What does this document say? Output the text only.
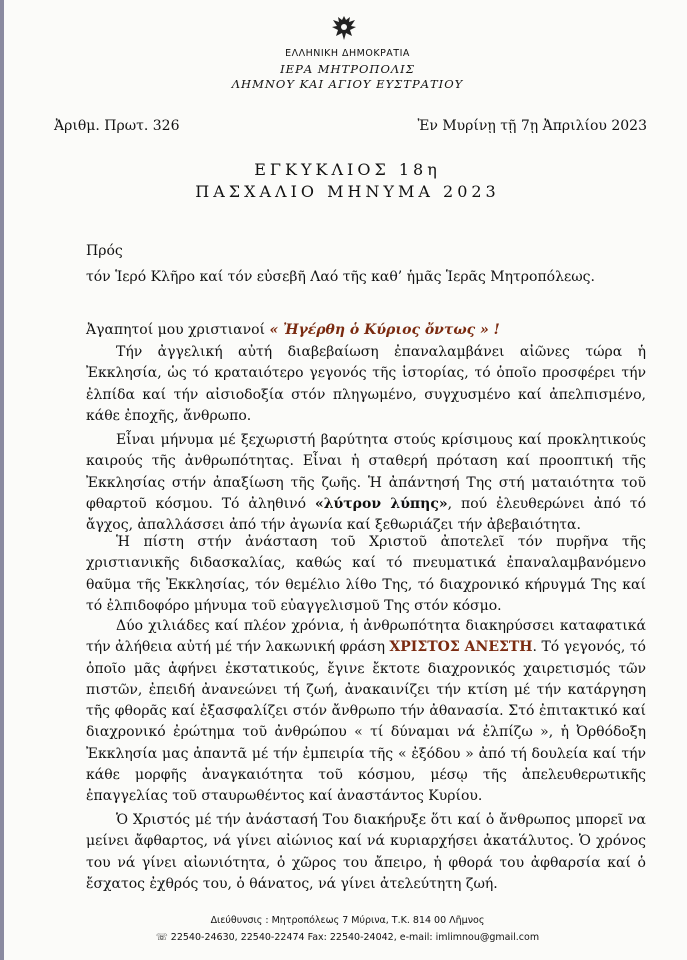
ΕΛΛΗΝΙΚΗ ΔΗΜΟΚΡΑΤΙΑ
ΙΕΡΑ ΜΗΤΡΟΠΟΛΙΣ
ΛΗΜΝΟΥ ΚΑΙ ΑΓΙΟΥ ΕΥΣΤΡΑΤΙΟΥ
Ἀριθμ. Πρωτ. 326	Ἐν Μυρίνῃ τῇ 7ῃ Ἀπριλίου 2023
ΕΓΚΥΚΛΙΟΣ 18η
ΠΑΣΧΑΛΙΟ ΜΗΝΥΜΑ 2023
Πρός
τόν Ἱερό Κλῆρο καί τόν εὐσεβῆ Λαό τῆς καθ’ ἡμᾶς Ἱερᾶς Μητροπόλεως.
Ἀγαπητοί μου χριστιανοί « Ἠγέρθη ὁ Κύριος ὄντως » !

Τήν ἀγγελική αὐτή διαβεβαίωση ἐπαναλαμβάνει αἰῶνες τώρα ἡ Ἐκκλησία, ὡς τό κραταιότερο γεγονός τῆς ἱστορίας, τό ὁποῖο προσφέρει τήν ἐλπίδα καί τήν αἰσιοδοξία στόν πληγωμένο, συγχυσμένο καί ἀπελπισμένο, κάθε ἐποχῆς, ἄνθρωπο.

Εἶναι μήνυμα μέ ξεχωριστή βαρύτητα στούς κρίσιμους καί προκλητικούς καιρούς τῆς ἀνθρωπότητας. Εἶναι ἡ σταθερή πρόταση καί προοπτική τῆς Ἐκκλησίας στήν ἀπαξίωση τῆς ζωῆς. Ἡ ἀπάντησή Της στή ματαιότητα τοῦ φθαρτοῦ κόσμου. Τό ἀληθινό «λύτρον λύπης», πού ἐλευθερώνει ἀπό τό ἄγχος, ἀπαλλάσσει ἀπό τήν ἀγωνία καί ξεθωριάζει τήν ἀβεβαιότητα.

Ἡ πίστη στήν ἀνάσταση τοῦ Χριστοῦ ἀποτελεῖ τόν πυρῆνα τῆς χριστιανικῆς διδασκαλίας, καθώς καί τό πνευματικά ἐπαναλαμβανόμενο θαῦμα τῆς Ἐκκλησίας, τόν θεμέλιο λίθο Της, τό διαχρονικό κήρυγμά Της καί τό ἐλπιδοφόρο μήνυμα τοῦ εὐαγγελισμοῦ Της στόν κόσμο.

Δύο χιλιάδες καί πλέον χρόνια, ἡ ἀνθρωπότητα διακηρύσσει καταφατικά τήν ἀλήθεια αὐτή μέ τήν λακωνική φράση ΧΡΙΣΤΟΣ ΑΝΕΣΤΗ. Τό γεγονός, τό ὁποῖο μᾶς ἀφήνει ἐκστατικούς, ἔγινε ἔκτοτε διαχρονικός χαιρετισμός τῶν πιστῶν, ἐπειδή ἀνανεώνει τή ζωή, ἀνακαινίζει τήν κτίση μέ τήν κατάργηση τῆς φθορᾶς καί ἐξασφαλίζει στόν ἄνθρωπο τήν ἀθανασία. Στό ἐπιτακτικό καί διαχρονικό ἐρώτημα τοῦ ἀνθρώπου « τί δύναμαι νά ἐλπίζω », ἡ Ὀρθόδοξη Ἐκκλησία μας ἀπαντᾶ μέ τήν ἐμπειρία τῆς « ἐξόδου » ἀπό τή δουλεία καί τήν κάθε μορφῆς ἀναγκαιότητα τοῦ κόσμου, μέσῳ τῆς ἀπελευθερωτικῆς ἐπαγγελίας τοῦ σταυρωθέντος καί ἀναστάντος Κυρίου.

Ὁ Χριστός μέ τήν ἀνάστασή Του διακήρυξε ὅτι καί ὁ ἄνθρωπος μπορεῖ να μείνει ἄφθαρτος, νά γίνει αἰώνιος καί νά κυριαρχήσει ἀκατάλυτος. Ὁ χρόνος του νά γίνει αἰωνιότητα, ὁ χῶρος του ἄπειρο, ἡ φθορά του ἀφθαρσία καί ὁ ἔσχατος ἐχθρός του, ὁ θάνατος, νά γίνει ἀτελεύτητη ζωή.

Διεύθυνσις : Μητροπόλεως 7 Μύρινα, Τ.Κ. 814 00 Λῆμνος
☏ 22540-24630, 22540-22474 Fax: 22540-24042, e-mail: imlimnou@gmail.com
